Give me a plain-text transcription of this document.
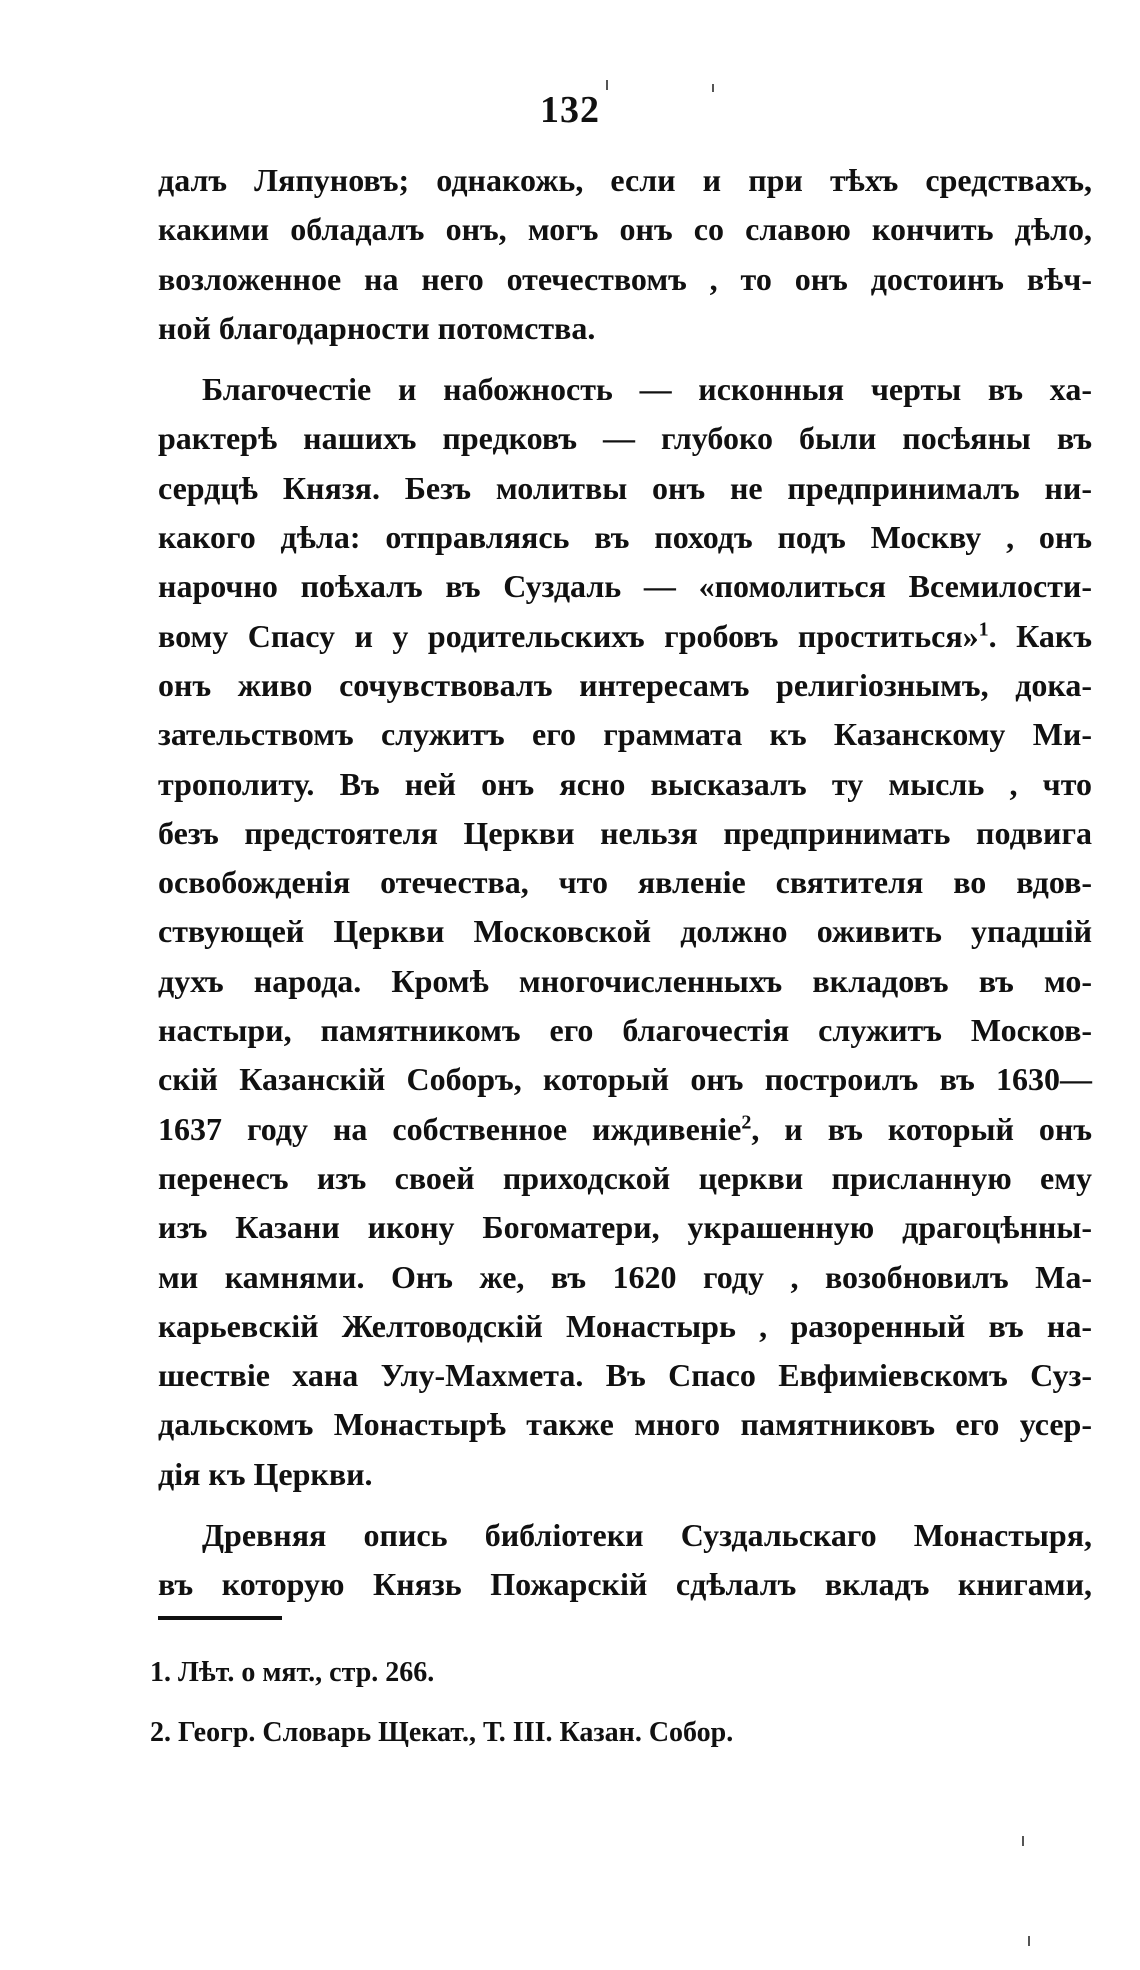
132

далъ Ляпуновъ; однакожь, если и при тѣхъ средствахъ,
какими обладалъ онъ, могъ онъ со славою кончить дѣло,
возложенное на него отечествомъ , то онъ достоинъ вѣч-
ной благодарности потомства.

Благочестіе и набожность — исконныя черты въ ха-
рактерѣ нашихъ предковъ — глубоко были посѣяны въ
сердцѣ Князя. Безъ молитвы онъ не предпринималъ ни-
какого дѣла: отправляясь въ походъ подъ Москву , онъ
нарочно поѣхалъ въ Суздаль — «помолиться Всемилости-
вому Спасу и у родительскихъ гробовъ проститься»$^1$. Какъ
онъ живо сочувствовалъ интересамъ религіознымъ, дока-
зательствомъ служитъ его граммата къ Казанскому Ми-
трополиту. Въ ней онъ ясно высказалъ ту мысль , что
безъ предстоятеля Церкви нельзя предпринимать подвига
освобожденія отечества, что явленіе святителя во вдов-
ствующей Церкви Московской должно оживить упадшій
духъ народа. Кромѣ многочисленныхъ вкладовъ въ мо-
настыри, памятникомъ его благочестія служитъ Москов-
скій Казанскій Соборъ, который онъ построилъ въ 1630—
1637 году на собственное иждивеніе$^2$, и въ который онъ
перенесъ изъ своей приходской церкви присланную ему
изъ Казани икону Богоматери, украшенную драгоцѣнны-
ми камнями. Онъ же, въ 1620 году , возобновилъ Ма-
карьевскій Желтоводскій Монастырь , разоренный въ на-
шествіе хана Улу-Махмета. Въ Спасо Евфиміевскомъ Суз-
дальскомъ Монастырѣ также много памятниковъ его усер-
дія къ Церкви.

Древняя опись библіотеки Суздальскаго Монастыря,
въ которую Князь Пожарскій сдѣлалъ вкладъ книгами,

1. Лѣт. о мят., стр. 266.
2. Геогр. Словарь Щекат., Т. III. Казан. Собор.
